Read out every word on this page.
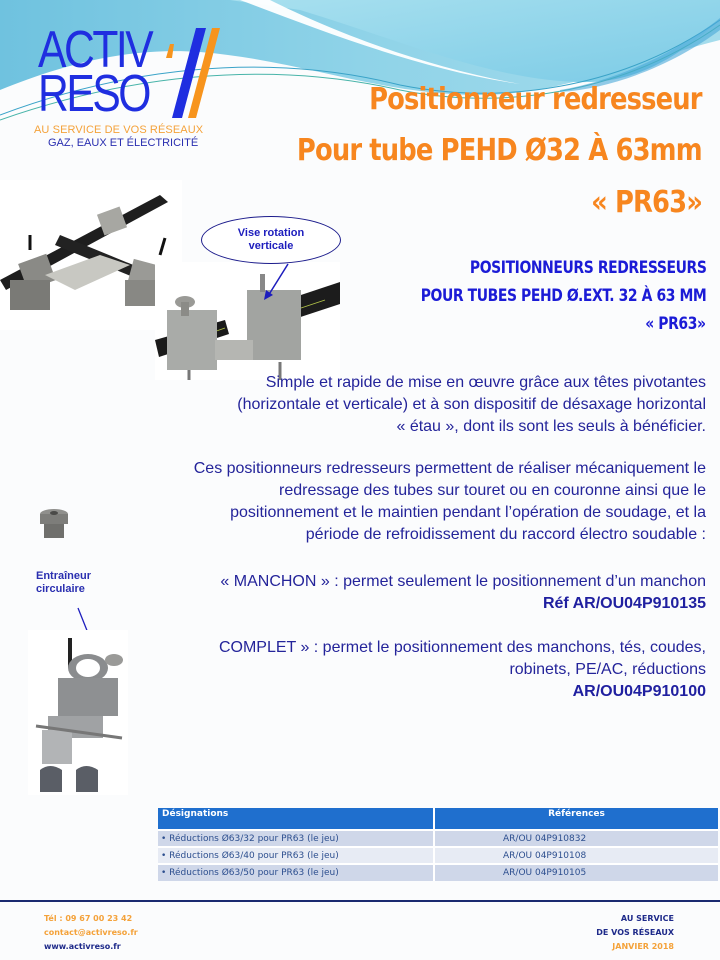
ACTIV
RESO
AU SERVICE DE VOS RÉSEAUX
GAZ, EAUX ET ÉLECTRICITÉ
Positionneur redresseur
Pour tube PEHD Ø32 À 63mm
« PR63»
Vise rotation
verticale
POSITIONNEURS REDRESSEURS
POUR TUBES PEHD Ø.EXT. 32 À 63 MM
« PR63»
Simple et rapide de mise en œuvre grâce aux têtes pivotantes
(horizontale et verticale) et à son dispositif de désaxage horizontal
« étau », dont ils sont les seuls à bénéficier.
Ces positionneurs redresseurs permettent de réaliser mécaniquement le
redressage des tubes sur touret ou en couronne ainsi que le
positionnement et le maintien pendant l’opération de soudage, et la
période de refroidissement du raccord électro soudable :
« MANCHON » : permet seulement le positionnement d’un manchon
Réf AR/OU04P910135
COMPLET » : permet le positionnement des manchons, tés, coudes,
robinets, PE/AC, réductions
AR/OU04P910100
Entraîneur
circulaire
Désignations	Références
• Réductions Ø63/32 pour PR63 (le jeu)	AR/OU 04P910832
• Réductions Ø63/40 pour PR63 (le jeu)	AR/OU 04P910108
• Réductions Ø63/50 pour PR63 (le jeu)	AR/OU 04P910105
Tél : 09 67 00 23 42
contact@activreso.fr
www.activreso.fr
AU SERVICE
DE VOS RÉSEAUX
JANVIER 2018
